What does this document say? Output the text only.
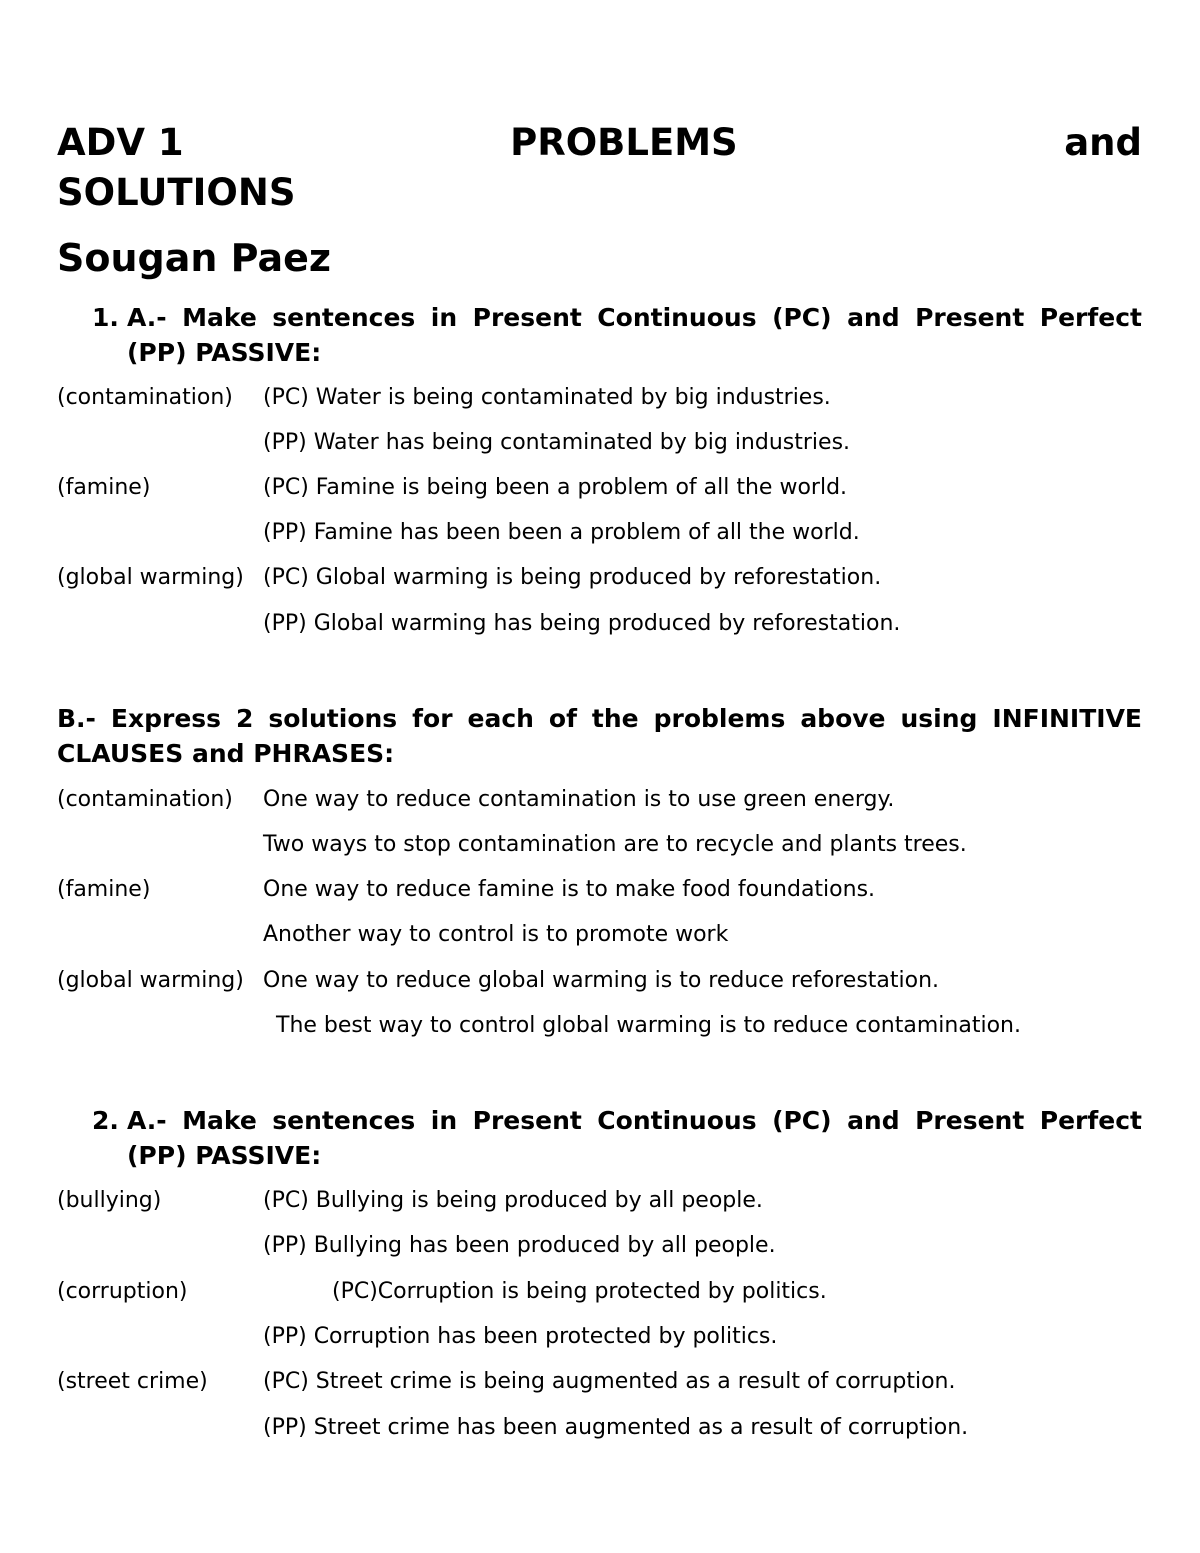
ADV 1	PROBLEMS	and
SOLUTIONS
Sougan Paez
1. A.- Make sentences in Present Continuous (PC) and Present Perfect (PP) PASSIVE:
(contamination) (PC) Water is being contaminated by big industries.
(PP) Water has being contaminated by big industries.
(famine)	(PC) Famine is being been a problem of all the world.
(PP) Famine has been been a problem of all the world.
(global warming) (PC) Global warming is being produced by reforestation.
(PP) Global warming has being produced by reforestation.
B.- Express 2 solutions for each of the problems above using INFINITIVE CLAUSES and PHRASES:
(contamination) One way to reduce contamination is to use green energy.
Two ways to stop contamination are to recycle and plants trees.
(famine)	One way to reduce famine is to make food foundations.
Another way to control is to promote work
(global warming) One way to reduce global warming is to reduce reforestation.
The best way to control global warming is to reduce contamination.
2. A.- Make sentences in Present Continuous (PC) and Present Perfect (PP) PASSIVE:
(bullying)	(PC) Bullying is being produced by all people.
(PP) Bullying has been produced by all people.
(corruption)	(PC)Corruption is being protected by politics.
(PP) Corruption has been protected by politics.
(street crime)	(PC) Street crime is being augmented as a result of corruption.
(PP) Street crime has been augmented as a result of corruption.
